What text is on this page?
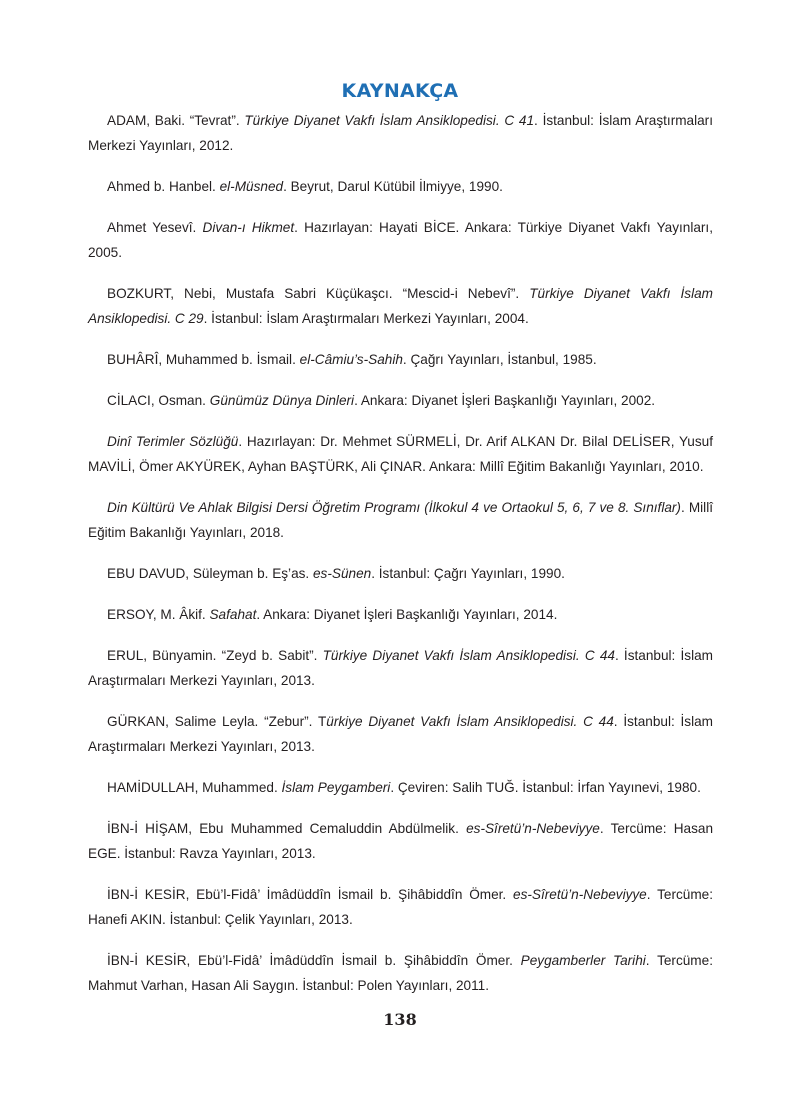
KAYNAKÇA

ADAM, Baki. “Tevrat”. Türkiye Diyanet Vakfı İslam Ansiklopedisi. C 41. İstanbul: İslam Araştırmaları Merkezi Yayınları, 2012.

Ahmed b. Hanbel. el-Müsned. Beyrut, Darul Kütübil İlmiyye, 1990.

Ahmet Yesevî. Divan-ı Hikmet. Hazırlayan: Hayati BİCE. Ankara: Türkiye Diyanet Vakfı Yayınları, 2005.

BOZKURT, Nebi, Mustafa Sabri Küçükaşcı. “Mescid-i Nebevî”. Türkiye Diyanet Vakfı İslam Ansiklopedisi. C 29. İstanbul: İslam Araştırmaları Merkezi Yayınları, 2004.

BUHÂRÎ, Muhammed b. İsmail. el-Câmiu’s-Sahih. Çağrı Yayınları, İstanbul, 1985.

CİLACI, Osman. Günümüz Dünya Dinleri. Ankara: Diyanet İşleri Başkanlığı Yayınları, 2002.

Dinî Terimler Sözlüğü. Hazırlayan: Dr. Mehmet SÜRMELİ, Dr. Arif ALKAN Dr. Bilal DELİSER, Yusuf MAVİLİ, Ömer AKYÜREK, Ayhan BAŞTÜRK, Ali ÇINAR. Ankara: Millî Eğitim Bakanlığı Yayınları, 2010.

Din Kültürü Ve Ahlak Bilgisi Dersi Öğretim Programı (İlkokul 4 ve Ortaokul 5, 6, 7 ve 8. Sınıflar). Millî Eğitim Bakanlığı Yayınları, 2018.

EBU DAVUD, Süleyman b. Eş’as. es-Sünen. İstanbul: Çağrı Yayınları, 1990.

ERSOY, M. Âkif. Safahat. Ankara: Diyanet İşleri Başkanlığı Yayınları, 2014.

ERUL, Bünyamin. “Zeyd b. Sabit”. Türkiye Diyanet Vakfı İslam Ansiklopedisi. C 44. İstanbul: İslam Araştırmaları Merkezi Yayınları, 2013.

GÜRKAN, Salime Leyla. “Zebur”. Türkiye Diyanet Vakfı İslam Ansiklopedisi. C 44. İstanbul: İslam Araştırmaları Merkezi Yayınları, 2013.

HAMİDULLAH, Muhammed. İslam Peygamberi. Çeviren: Salih TUĞ. İstanbul: İrfan Yayınevi, 1980.

İBN-İ HİŞAM, Ebu Muhammed Cemaluddin Abdülmelik. es-Sîretü’n-Nebeviyye. Tercüme: Hasan EGE. İstanbul: Ravza Yayınları, 2013.

İBN-İ KESİR, Ebü’l-Fidâ’ İmâdüddîn İsmail b. Şihâbiddîn Ömer. es-Sîretü’n-Nebeviyye. Tercüme: Hanefi AKIN. İstanbul: Çelik Yayınları, 2013.

İBN-İ KESİR, Ebü’l-Fidâ’ İmâdüddîn İsmail b. Şihâbiddîn Ömer. Peygamberler Tarihi. Tercüme: Mahmut Varhan, Hasan Ali Saygın. İstanbul: Polen Yayınları, 2011.

138
